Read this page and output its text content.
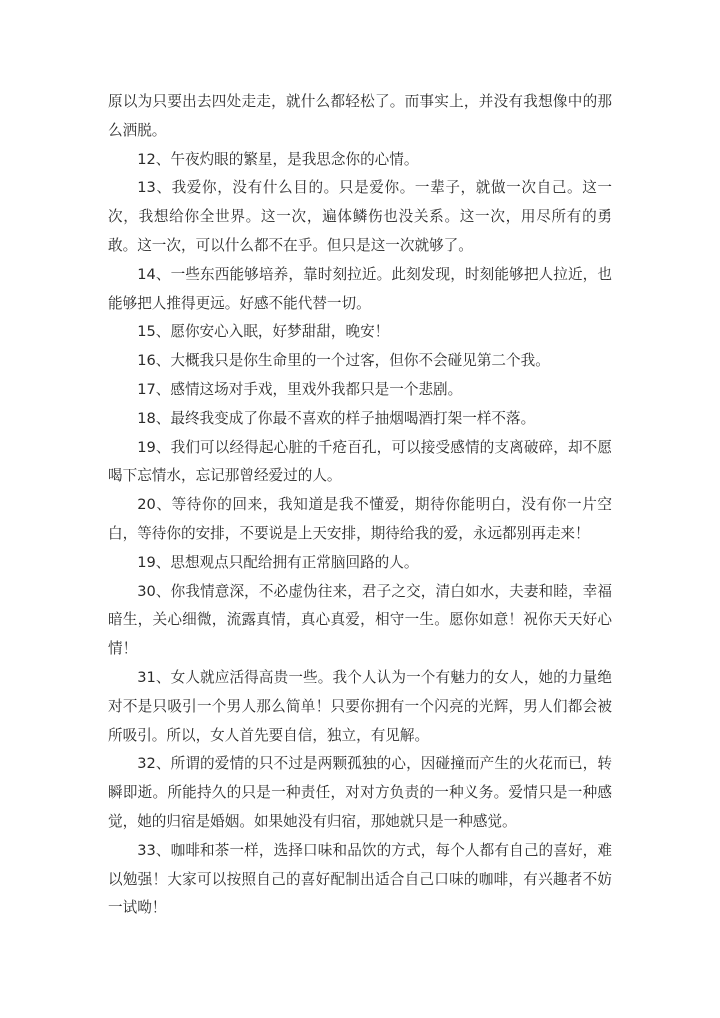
原以为只要出去四处走走，就什么都轻松了。而事实上，并没有我想像中的那么洒脱。

12、午夜灼眼的繁星，是我思念你的心情。

13、我爱你，没有什么目的。只是爱你。一辈子，就做一次自己。这一次，我想给你全世界。这一次，遍体鳞伤也没关系。这一次，用尽所有的勇敢。这一次，可以什么都不在乎。但只是这一次就够了。

14、一些东西能够培养，靠时刻拉近。此刻发现，时刻能够把人拉近，也能够把人推得更远。好感不能代替一切。

15、愿你安心入眠，好梦甜甜，晚安！

16、大概我只是你生命里的一个过客，但你不会碰见第二个我。

17、感情这场对手戏，里戏外我都只是一个悲剧。

18、最终我变成了你最不喜欢的样子抽烟喝酒打架一样不落。

19、我们可以经得起心脏的千疮百孔，可以接受感情的支离破碎，却不愿喝下忘情水，忘记那曾经爱过的人。

20、等待你的回来，我知道是我不懂爱，期待你能明白，没有你一片空白，等待你的安排，不要说是上天安排，期待给我的爱，永远都别再走来！

19、思想观点只配给拥有正常脑回路的人。

30、你我情意深，不必虚伪往来，君子之交，清白如水，夫妻和睦，幸福暗生，关心细微，流露真情，真心真爱，相守一生。愿你如意！祝你天天好心情！

31、女人就应活得高贵一些。我个人认为一个有魅力的女人，她的力量绝对不是只吸引一个男人那么简单！只要你拥有一个闪亮的光辉，男人们都会被所吸引。所以，女人首先要自信，独立，有见解。

32、所谓的爱情的只不过是两颗孤独的心，因碰撞而产生的火花而已，转瞬即逝。所能持久的只是一种责任，对对方负责的一种义务。爱情只是一种感觉，她的归宿是婚姻。如果她没有归宿，那她就只是一种感觉。

33、咖啡和茶一样，选择口味和品饮的方式，每个人都有自己的喜好，难以勉强！大家可以按照自己的喜好配制出适合自己口味的咖啡，有兴趣者不妨一试呦！
